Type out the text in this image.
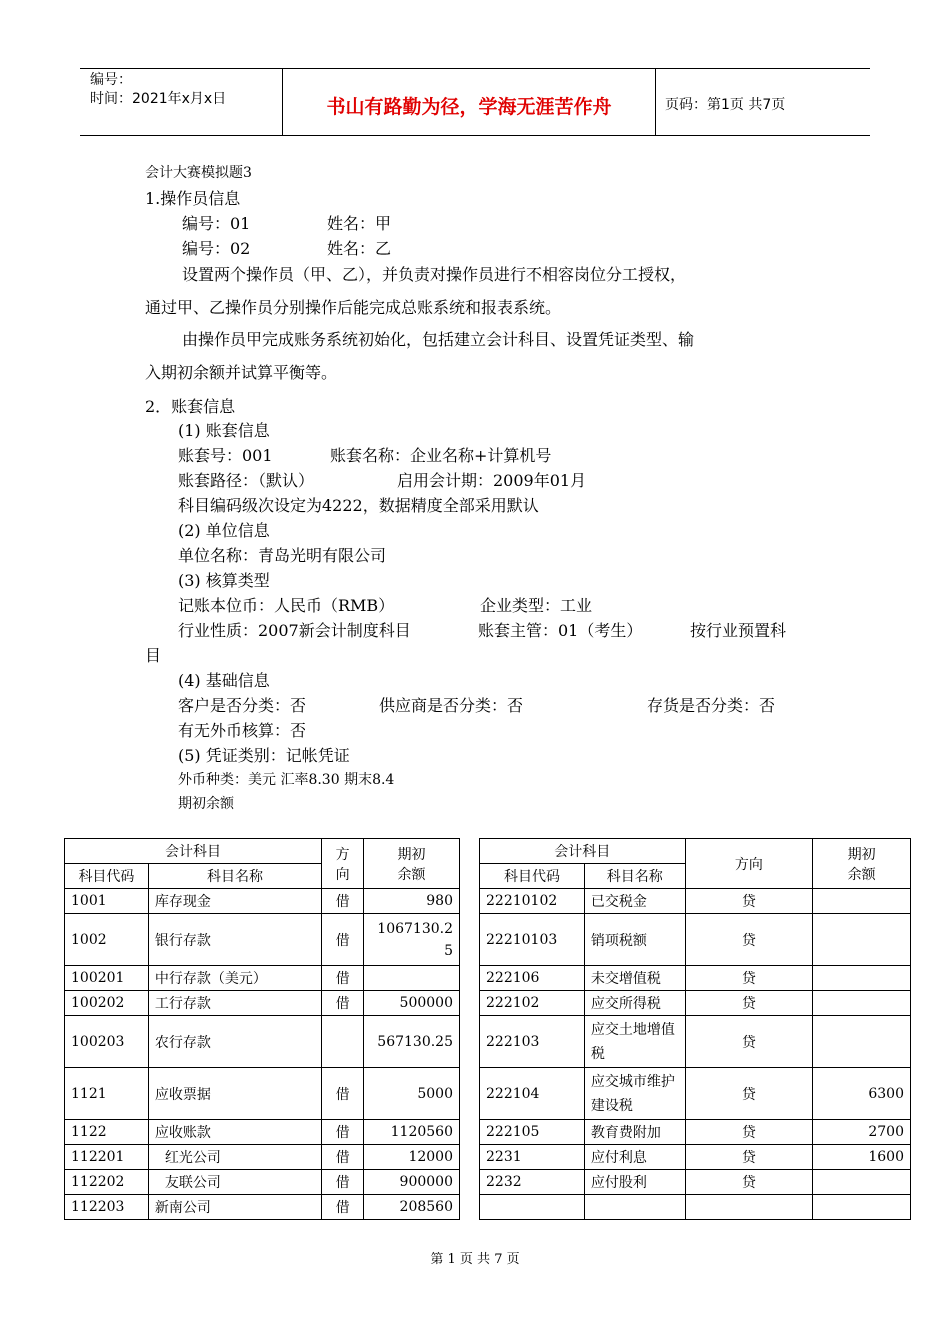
编号：
时间：2021年x月x日	书山有路勤为径，学海无涯苦作舟	页码：第1页 共7页
会计大赛模拟题3
1.操作员信息
编号：01	姓名：甲
编号：02	姓名：乙
设置两个操作员（甲、乙），并负责对操作员进行不相容岗位分工授权，
通过甲、乙操作员分别操作后能完成总账系统和报表系统。
由操作员甲完成账务系统初始化，包括建立会计科目、设置凭证类型、输
入期初余额并试算平衡等。
2．账套信息
(1) 账套信息
账套号：001	账套名称：企业名称+计算机号
账套路径：（默认）	启用会计期：2009年01月
科目编码级次设定为4222，数据精度全部采用默认
(2) 单位信息
单位名称：青岛光明有限公司
(3) 核算类型
记账本位币：人民币（RMB）	企业类型：工业
行业性质：2007新会计制度科目	账套主管：01（考生）	按行业预置科
目
(4) 基础信息
客户是否分类：否	供应商是否分类：否	存货是否分类：否
有无外币核算：否
(5) 凭证类别：记帐凭证
外币种类：美元 汇率8.30 期末8.4
期初余额
会计科目		方
向	期初
余额
科目代码	科目名称		
1001	库存现金	借	980
1002	银行存款	借	1067130.25
100201	中行存款（美元）	借	
100202	工行存款	借	500000
100203	农行存款		567130.25
1121	应收票据	借	5000
1122	应收账款	借	1120560
112201	红光公司	借	12000
112202	友联公司	借	900000
112203	新南公司	借	208560
会计科目		方向	期初
余额
科目代码	科目名称		
22210102	已交税金	贷	
22210103	销项税额	贷	
222106	未交增值税	贷	
222102	应交所得税	贷	
222103	应交土地增值税	贷	
222104	应交城市维护建设税	贷	6300
222105	教育费附加	贷	2700
2231	应付利息	贷	1600
2232	应付股利	贷	

第 1 页 共 7 页
